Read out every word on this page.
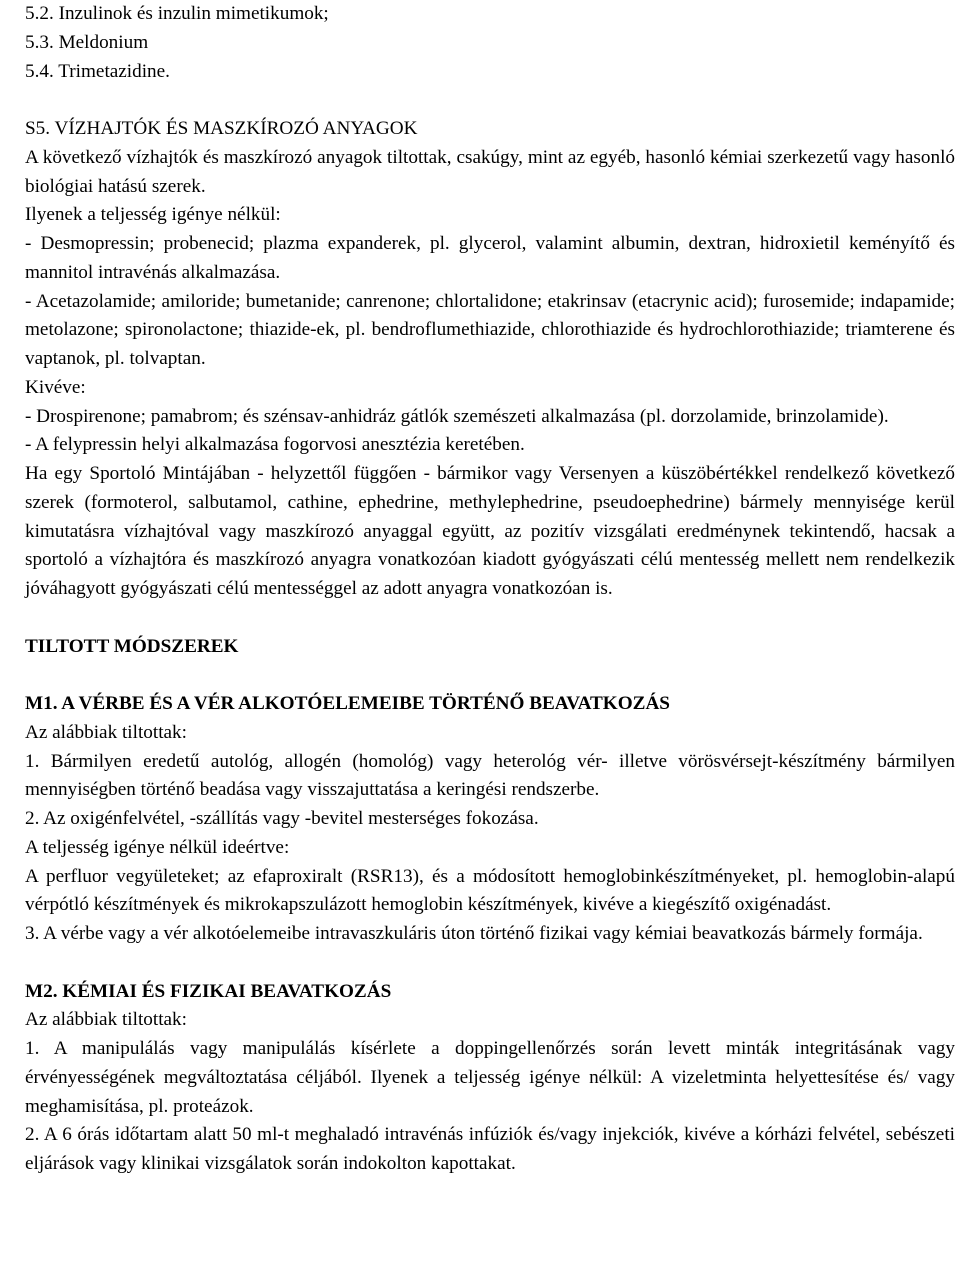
5.2. Inzulinok és inzulin mimetikumok;
5.3. Meldonium
5.4. Trimetazidine.
S5. VÍZHAJTÓK ÉS MASZKÍROZÓ ANYAGOK
A következő vízhajtók és maszkírozó anyagok tiltottak, csakúgy, mint az egyéb, hasonló kémiai szerkezetű vagy hasonló biológiai hatású szerek.
Ilyenek a teljesség igénye nélkül:
- Desmopressin; probenecid; plazma expanderek, pl. glycerol, valamint albumin, dextran, hidroxietil keményítő és mannitol intravénás alkalmazása.
- Acetazolamide; amiloride; bumetanide; canrenone; chlortalidone; etakrinsav (etacrynic acid); furosemide; indapamide; metolazone; spironolactone; thiazide-ek, pl. bendroflumethiazide, chlorothiazide és hydrochlorothiazide; triamterene és vaptanok, pl. tolvaptan.
Kivéve:
- Drospirenone; pamabrom; és szénsav-anhidráz gátlók szemészeti alkalmazása (pl. dorzolamide, brinzolamide).
- A felypressin helyi alkalmazása fogorvosi anesztézia keretében.
Ha egy Sportoló Mintájában - helyzettől függően - bármikor vagy Versenyen a küszöbértékkel rendelkező következő szerek (formoterol, salbutamol, cathine, ephedrine, methylephedrine, pseudoephedrine) bármely mennyisége kerül kimutatásra vízhajtóval vagy maszkírozó anyaggal együtt, az pozitív vizsgálati eredménynek tekintendő, hacsak a sportoló a vízhajtóra és maszkírozó anyagra vonatkozóan kiadott gyógyászati célú mentesség mellett nem rendelkezik jóváhagyott gyógyászati célú mentességgel az adott anyagra vonatkozóan is.
TILTOTT MÓDSZEREK
M1. A VÉRBE ÉS A VÉR ALKOTÓELEMEIBE TÖRTÉNŐ BEAVATKOZÁS
Az alábbiak tiltottak:
1. Bármilyen eredetű autológ, allogén (homológ) vagy heterológ vér- illetve vörösvérsejt-készítmény bármilyen mennyiségben történő beadása vagy visszajuttatása a keringési rendszerbe.
2. Az oxigénfelvétel, -szállítás vagy -bevitel mesterséges fokozása.
A teljesség igénye nélkül ideértve:
A perfluor vegyületeket; az efaproxiralt (RSR13), és a módosított hemoglobinkészítményeket, pl. hemoglobin-alapú vérpótló készítmények és mikrokapszulázott hemoglobin készítmények, kivéve a kiegészítő oxigénadást.
3. A vérbe vagy a vér alkotóelemeibe intravaszkuláris úton történő fizikai vagy kémiai beavatkozás bármely formája.
M2. KÉMIAI ÉS FIZIKAI BEAVATKOZÁS
Az alábbiak tiltottak:
1. A manipulálás vagy manipulálás kísérlete a doppingellenőrzés során levett minták integritásának vagy érvényességének megváltoztatása céljából. Ilyenek a teljesség igénye nélkül: A vizeletminta helyettesítése és/ vagy meghamisítása, pl. proteázok.
2. A 6 órás időtartam alatt 50 ml-t meghaladó intravénás infúziók és/vagy injekciók, kivéve a kórházi felvétel, sebészeti eljárások vagy klinikai vizsgálatok során indokolton kapottakat.
